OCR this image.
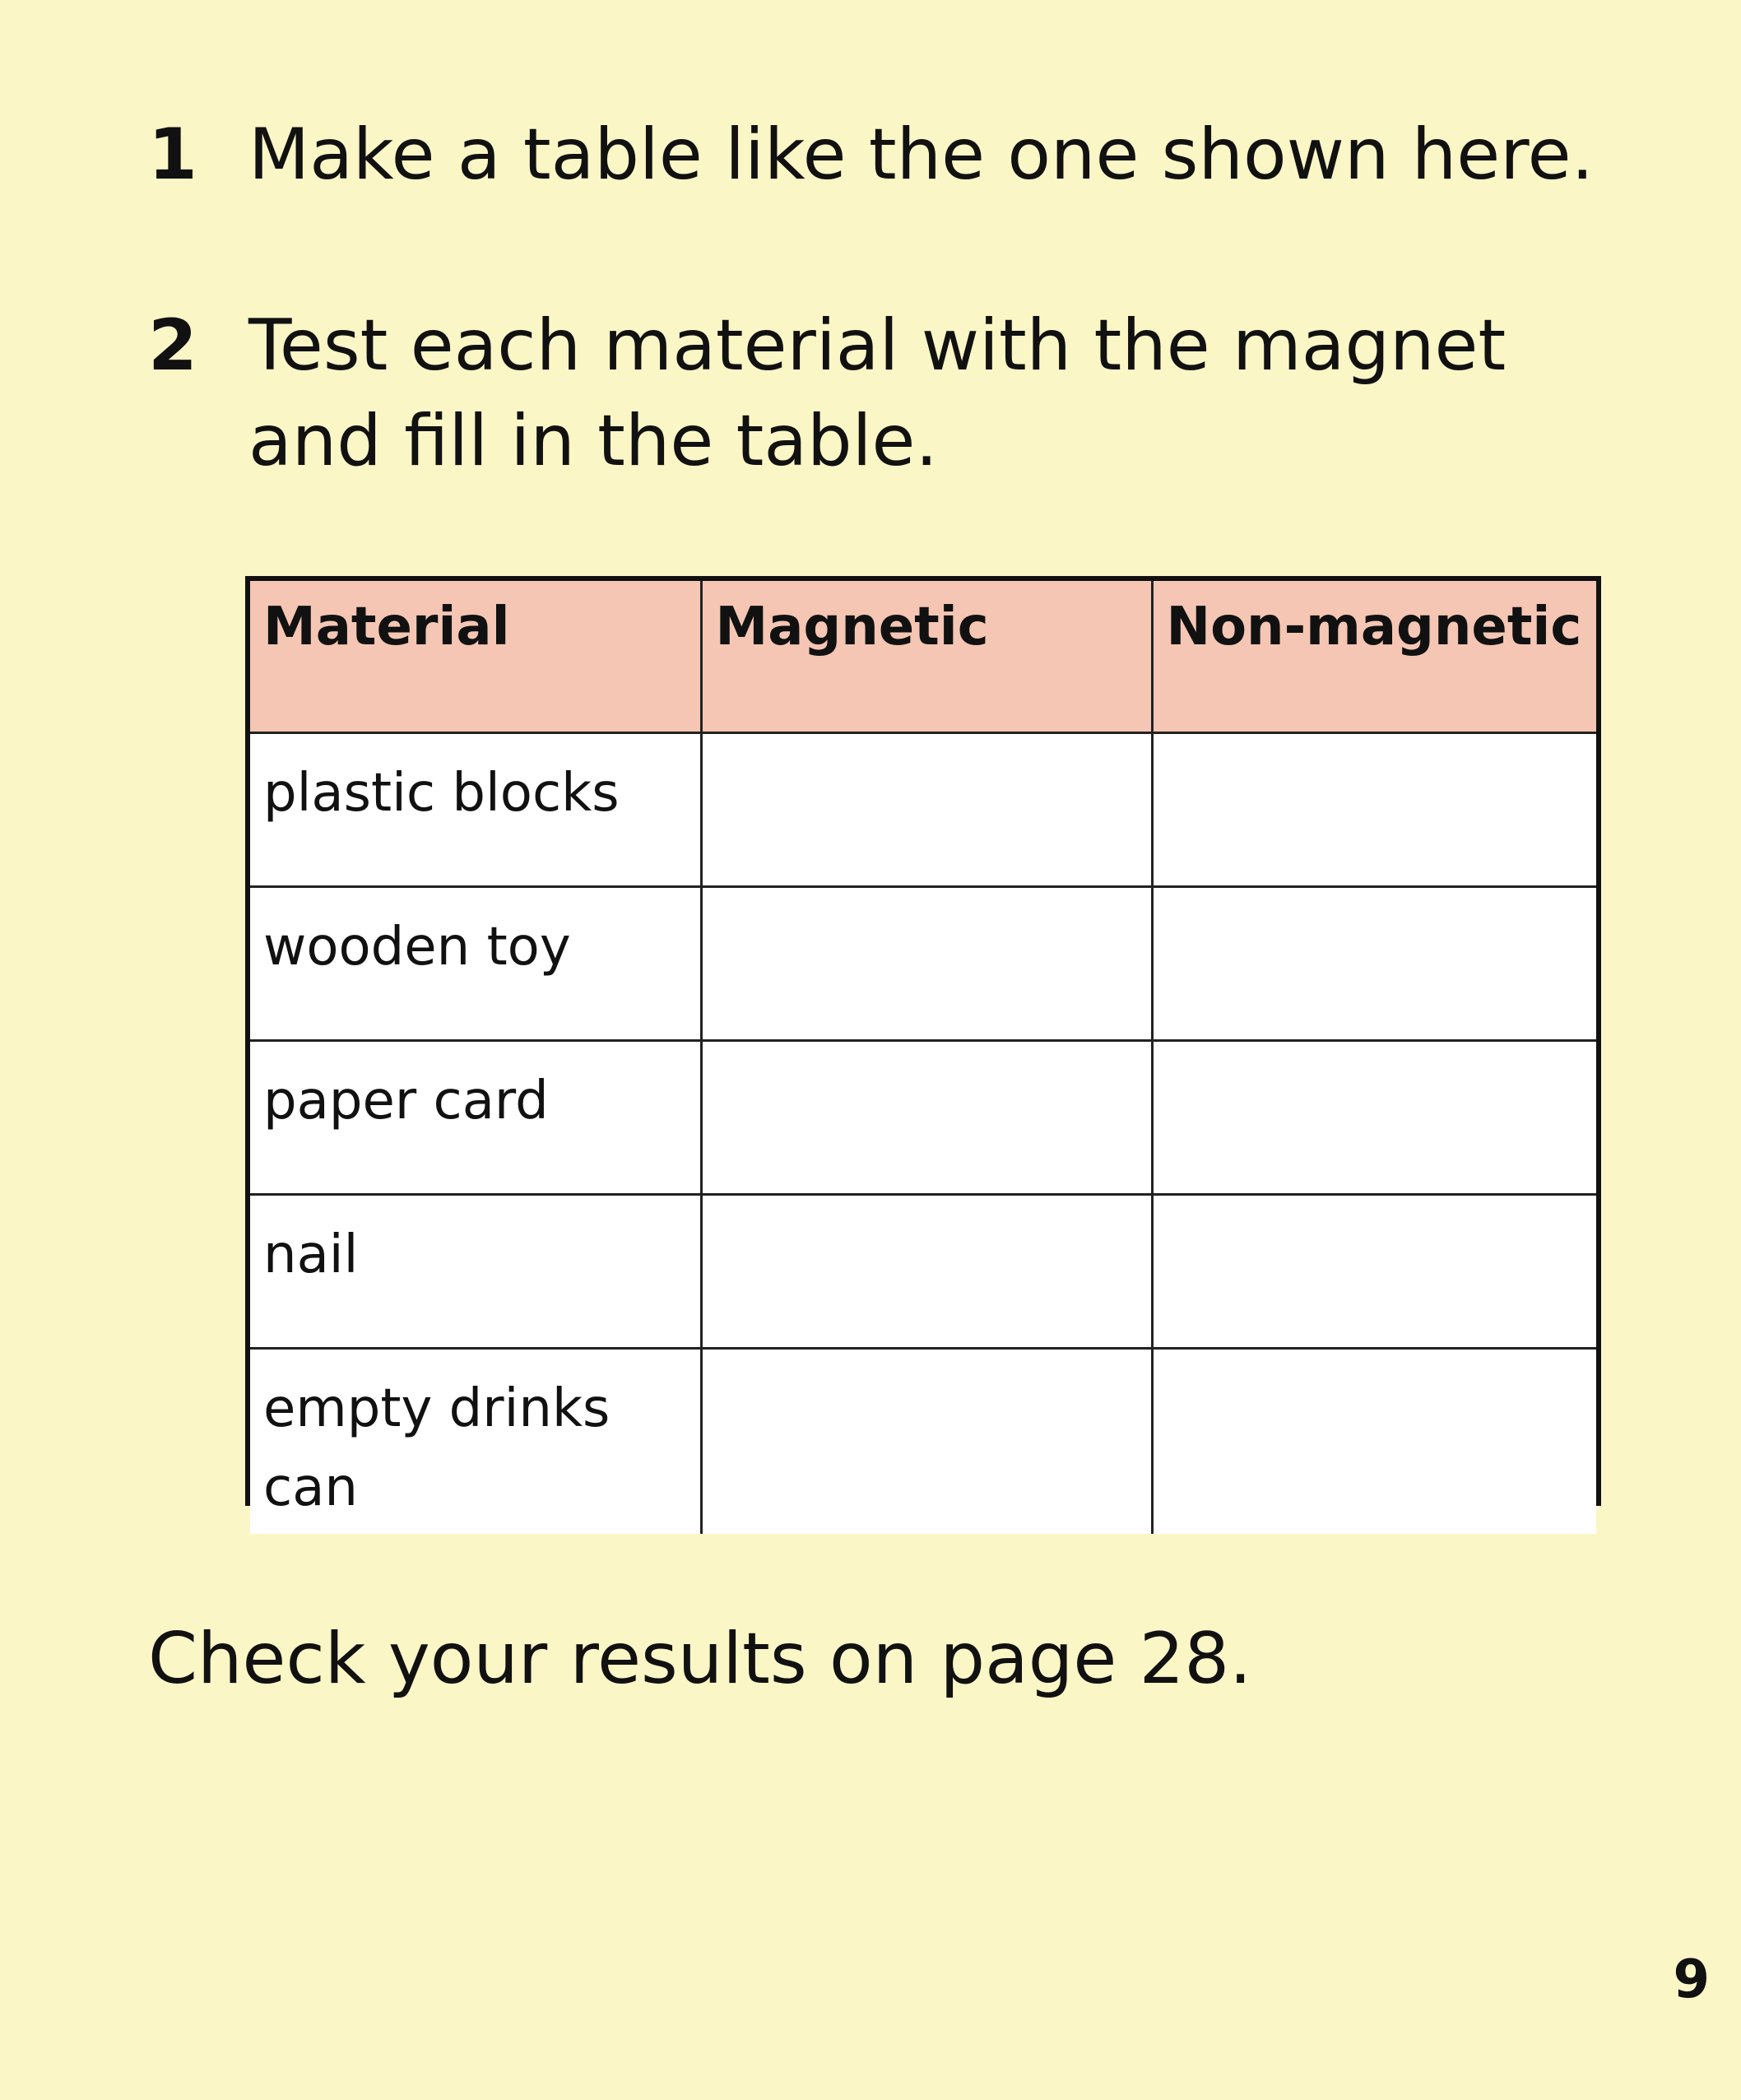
1 Make a table like the one shown here.
2 Test each material with the magnet and fill in the table.
Material	Magnetic	Non-magnetic
plastic blocks		
wooden toy		
paper card		
nail		
empty drinks can		
Check your results on page 28.
9
